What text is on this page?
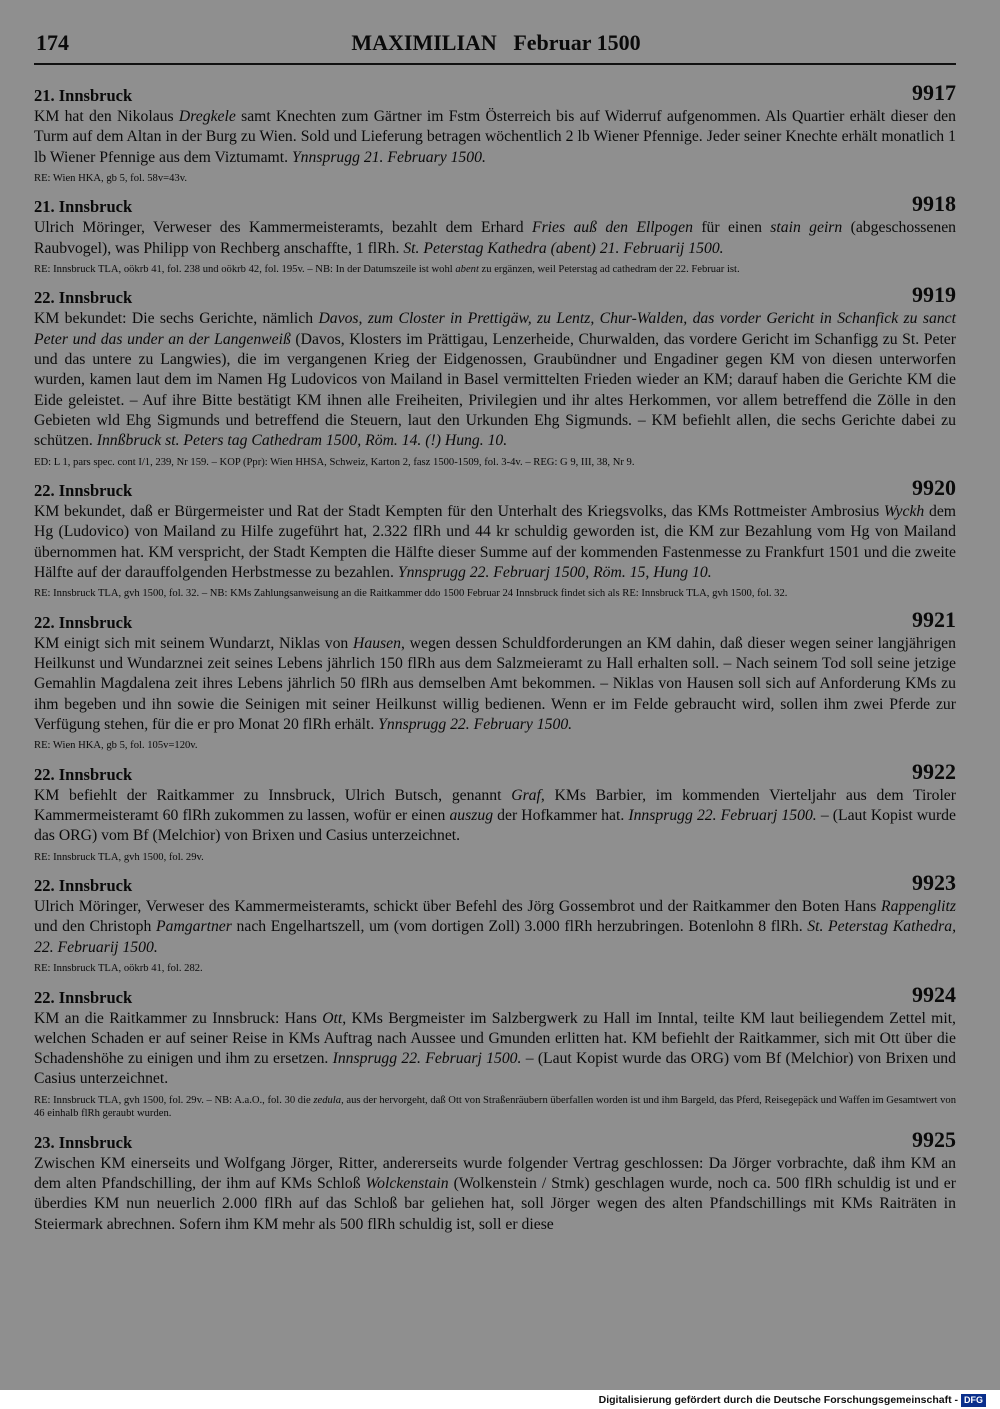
174	MAXIMILIAN   Februar 1500
21. Innsbruck	9917
KM hat den Nikolaus Dregkele samt Knechten zum Gärtner im Fstm Österreich bis auf Widerruf aufgenommen. Als Quartier erhält dieser den Turm auf dem Altan in der Burg zu Wien. Sold und Lieferung betragen wöchentlich 2 lb Wiener Pfennige. Jeder seiner Knechte erhält monatlich 1 lb Wiener Pfennige aus dem Viztumamt. Ynnsprugg 21. February 1500.
RE: Wien HKA, gb 5, fol. 58v=43v.
21. Innsbruck	9918
Ulrich Möringer, Verweser des Kammermeisteramts, bezahlt dem Erhard Fries auß den Ellpogen für einen stain geirn (abgeschossenen Raubvogel), was Philipp von Rechberg anschaffte, 1 flRh. St. Peterstag Kathedra (abent) 21. Februarij 1500.
RE: Innsbruck TLA, oökrb 41, fol. 238 und oökrb 42, fol. 195v. – NB: In der Datumszeile ist wohl abent zu ergänzen, weil Peterstag ad cathedram der 22. Februar ist.
22. Innsbruck	9919
KM bekundet: Die sechs Gerichte, nämlich Davos, zum Closter in Prettigäw, zu Lentz, Chur-Walden, das vorder Gericht in Schanfick zu sanct Peter und das under an der Langenweiß (Davos, Klosters im Prättigau, Lenzerheide, Churwalden, das vordere Gericht im Schanfigg zu St. Peter und das untere zu Langwies), die im vergangenen Krieg der Eidgenossen, Graubündner und Engadiner gegen KM von diesen unterworfen wurden, kamen laut dem im Namen Hg Ludovicos von Mailand in Basel vermittelten Frieden wieder an KM; darauf haben die Gerichte KM die Eide geleistet. – Auf ihre Bitte bestätigt KM ihnen alle Freiheiten, Privilegien und ihr altes Herkommen, vor allem betreffend die Zölle in den Gebieten wld Ehg Sigmunds und betreffend die Steuern, laut den Urkunden Ehg Sigmunds. – KM befiehlt allen, die sechs Gerichte dabei zu schützen. Innßbruck st. Peters tag Cathedram 1500, Röm. 14. (!) Hung. 10.
ED: L 1, pars spec. cont I/1, 239, Nr 159. – KOP (Ppr): Wien HHSA, Schweiz, Karton 2, fasz 1500-1509, fol. 3-4v. – REG: G 9, III, 38, Nr 9.
22. Innsbruck	9920
KM bekundet, daß er Bürgermeister und Rat der Stadt Kempten für den Unterhalt des Kriegsvolks, das KMs Rottmeister Ambrosius Wyckh dem Hg (Ludovico) von Mailand zu Hilfe zugeführt hat, 2.322 flRh und 44 kr schuldig geworden ist, die KM zur Bezahlung vom Hg von Mailand übernommen hat. KM verspricht, der Stadt Kempten die Hälfte dieser Summe auf der kommenden Fastenmesse zu Frankfurt 1501 und die zweite Hälfte auf der darauffolgenden Herbstmesse zu bezahlen. Ynnsprugg 22. Februarj 1500, Röm. 15, Hung 10.
RE: Innsbruck TLA, gvh 1500, fol. 32. – NB: KMs Zahlungsanweisung an die Raitkammer ddo 1500 Februar 24 Innsbruck findet sich als RE: Innsbruck TLA, gvh 1500, fol. 32.
22. Innsbruck	9921
KM einigt sich mit seinem Wundarzt, Niklas von Hausen, wegen dessen Schuldforderungen an KM dahin, daß dieser wegen seiner langjährigen Heilkunst und Wundarznei zeit seines Lebens jährlich 150 flRh aus dem Salzmeieramt zu Hall erhalten soll. – Nach seinem Tod soll seine jetzige Gemahlin Magdalena zeit ihres Lebens jährlich 50 flRh aus demselben Amt bekommen. – Niklas von Hausen soll sich auf Anforderung KMs zu ihm begeben und ihn sowie die Seinigen mit seiner Heilkunst willig bedienen. Wenn er im Felde gebraucht wird, sollen ihm zwei Pferde zur Verfügung stehen, für die er pro Monat 20 flRh erhält. Ynnsprugg 22. February 1500.
RE: Wien HKA, gb 5, fol. 105v=120v.
22. Innsbruck	9922
KM befiehlt der Raitkammer zu Innsbruck, Ulrich Butsch, genannt Graf, KMs Barbier, im kommenden Vierteljahr aus dem Tiroler Kammermeisteramt 60 flRh zukommen zu lassen, wofür er einen auszug der Hofkammer hat. Innsprugg 22. Februarj 1500. – (Laut Kopist wurde das ORG) vom Bf (Melchior) von Brixen und Casius unterzeichnet.
RE: Innsbruck TLA, gvh 1500, fol. 29v.
22. Innsbruck	9923
Ulrich Möringer, Verweser des Kammermeisteramts, schickt über Befehl des Jörg Gossembrot und der Raitkammer den Boten Hans Rappenglitz und den Christoph Pamgartner nach Engelhartszell, um (vom dortigen Zoll) 3.000 flRh herzubringen. Botenlohn 8 flRh. St. Peterstag Kathedra, 22. Februarij 1500.
RE: Innsbruck TLA, oökrb 41, fol. 282.
22. Innsbruck	9924
KM an die Raitkammer zu Innsbruck: Hans Ott, KMs Bergmeister im Salzbergwerk zu Hall im Inntal, teilte KM laut beiliegendem Zettel mit, welchen Schaden er auf seiner Reise in KMs Auftrag nach Aussee und Gmunden erlitten hat. KM befiehlt der Raitkammer, sich mit Ott über die Schadenshöhe zu einigen und ihm zu ersetzen. Innsprugg 22. Februarj 1500. – (Laut Kopist wurde das ORG) vom Bf (Melchior) von Brixen und Casius unterzeichnet.
RE: Innsbruck TLA, gvh 1500, fol. 29v. – NB: A.a.O., fol. 30 die zedula, aus der hervorgeht, daß Ott von Straßenräubern überfallen worden ist und ihm Bargeld, das Pferd, Reisegepäck und Waffen im Gesamtwert von 46 einhalb flRh geraubt wurden.
23. Innsbruck	9925
Zwischen KM einerseits und Wolfgang Jörger, Ritter, andererseits wurde folgender Vertrag geschlossen: Da Jörger vorbrachte, daß ihm KM an dem alten Pfandschilling, der ihm auf KMs Schloß Wolckenstain (Wolkenstein / Stmk) geschlagen wurde, noch ca. 500 flRh schuldig ist und er überdies KM nun neuerlich 2.000 flRh auf das Schloß bar geliehen hat, soll Jörger wegen des alten Pfandschillings mit KMs Raiträten in Steiermark abrechnen. Sofern ihm KM mehr als 500 flRh schuldig ist, soll er diese
Digitalisierung gefördert durch die Deutsche Forschungsgemeinschaft - DFG
